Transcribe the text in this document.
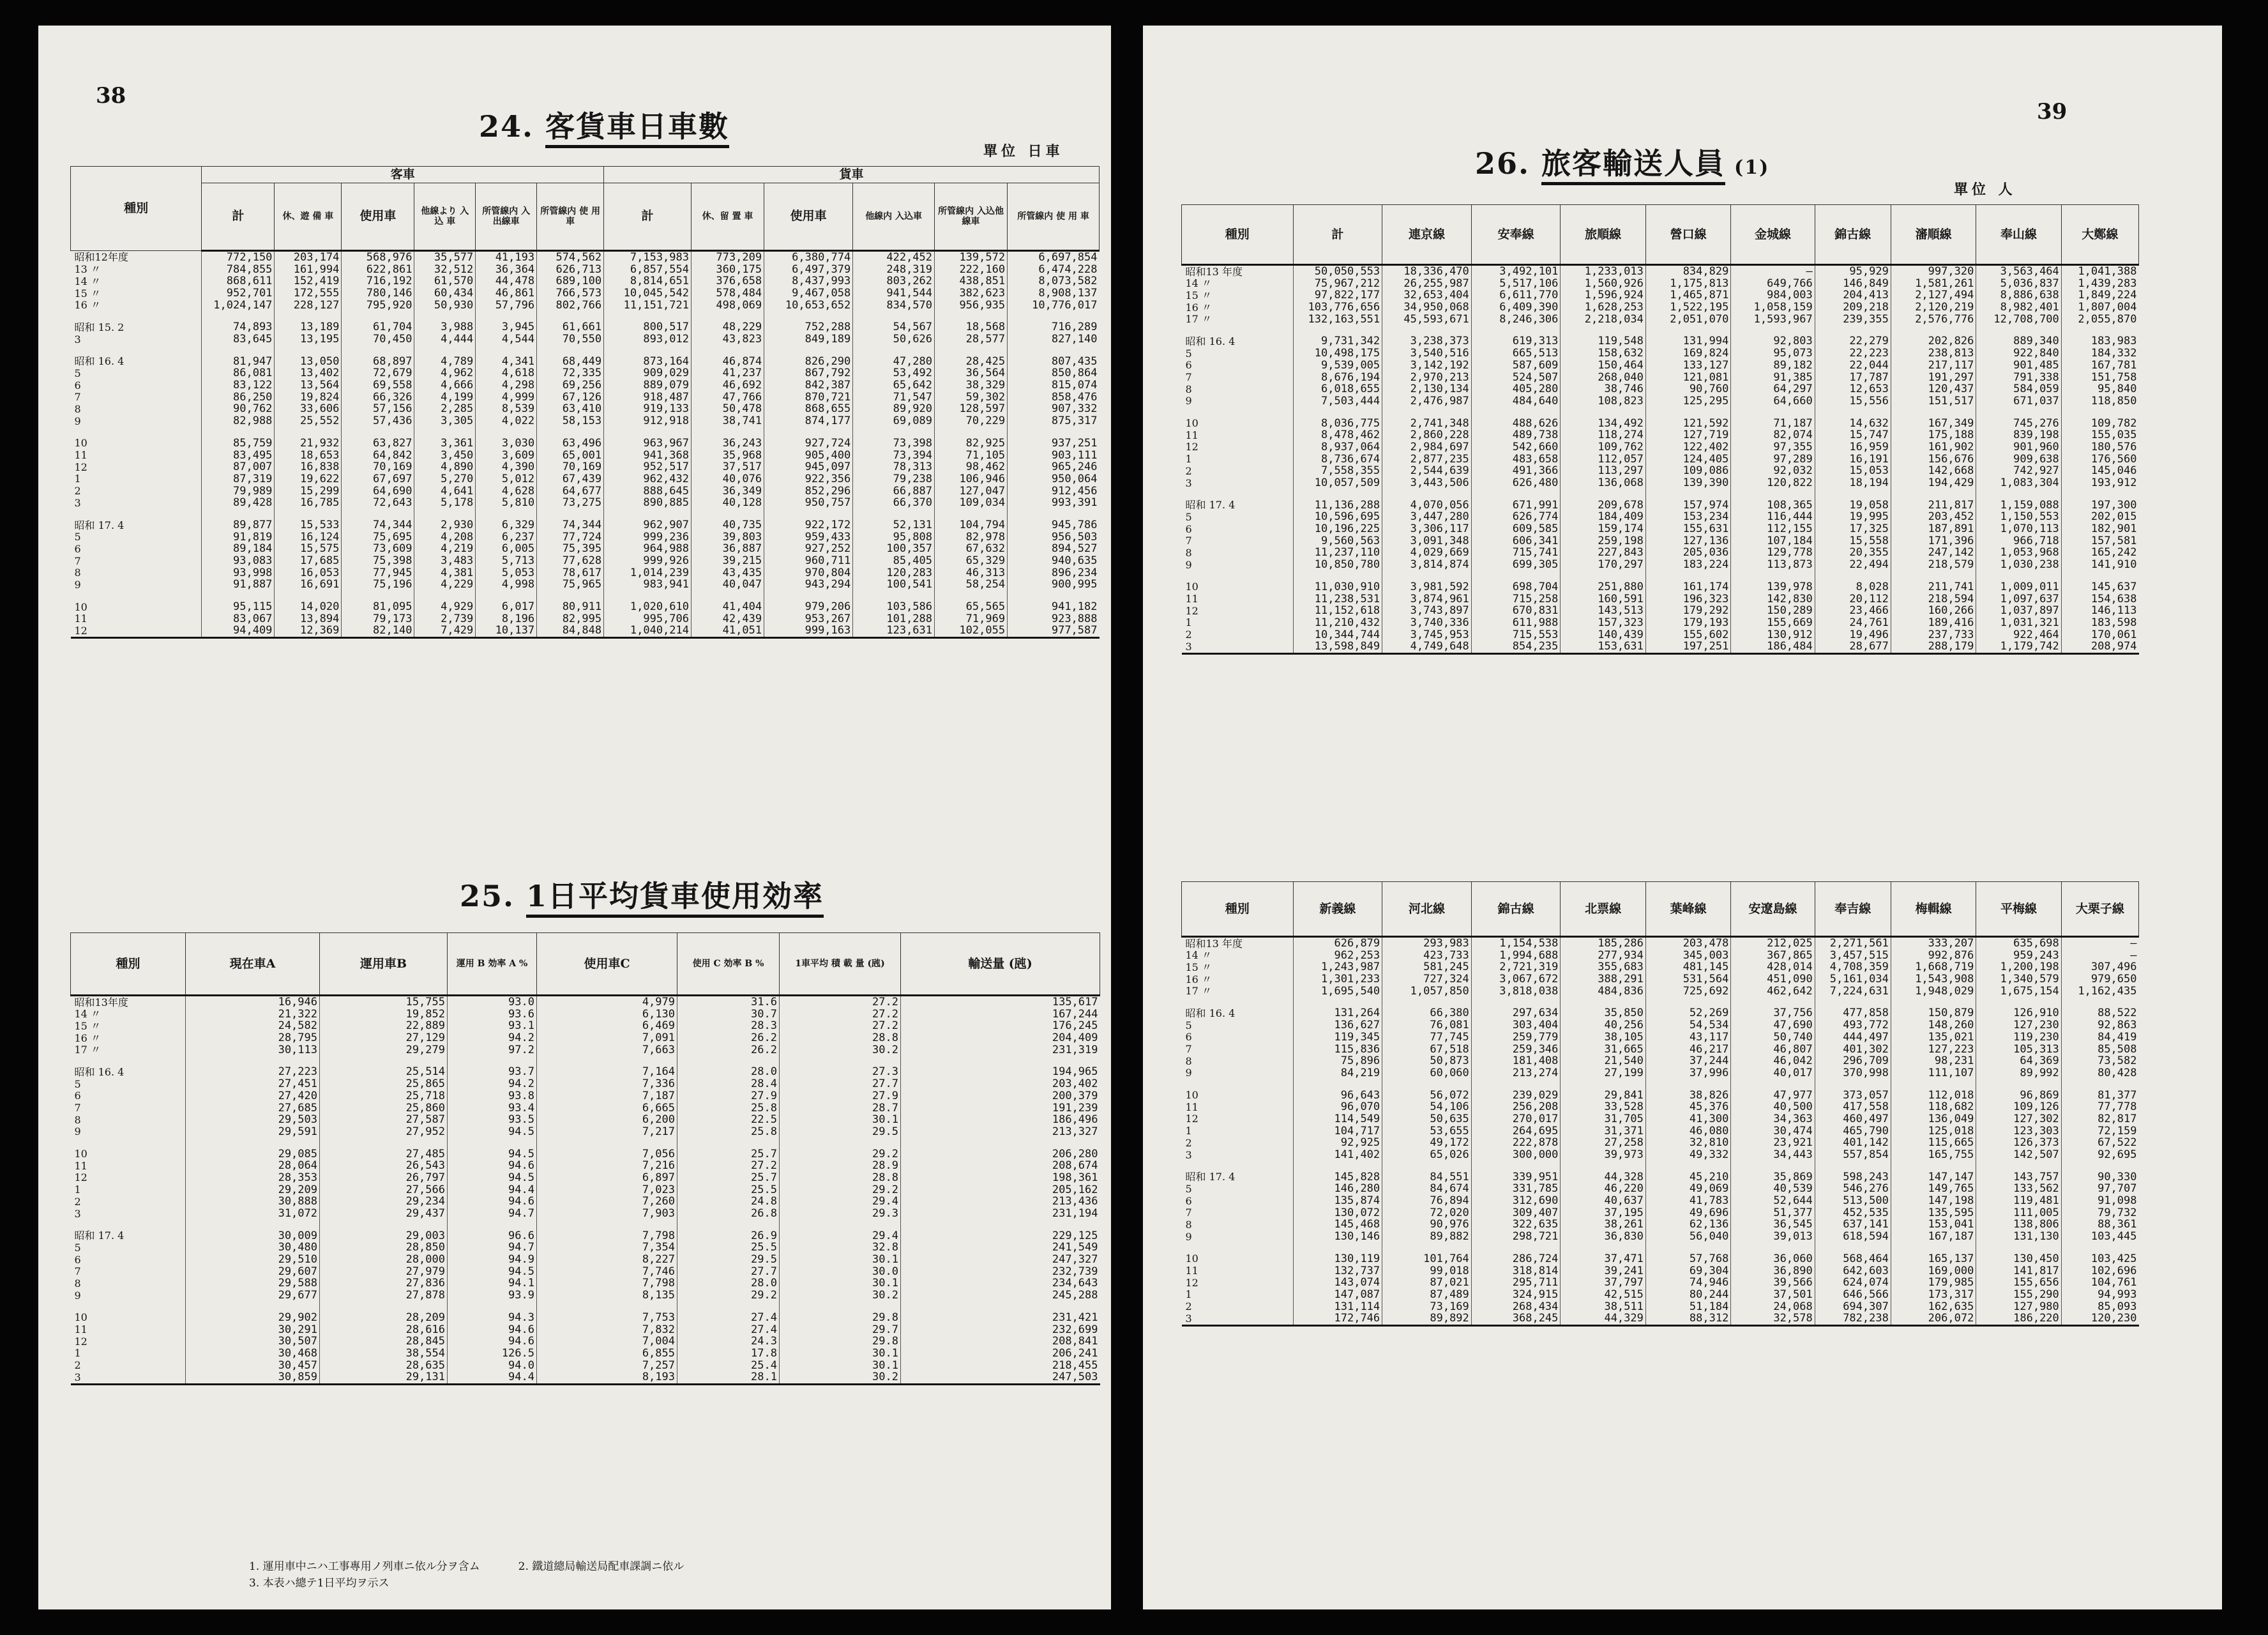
38
24. 客貨車日車數
單位 日車
種別	客車						貨車					
	計	休、遊 備 車	使用車	他線より 入 込 車	所管線内 入 出線車	所管線内 使 用 車	計	休、留 置 車	使用車	他線内 入込車	所管線内 入込他線車	所管線内 使 用 車
昭和12年度	772,150	203,174	568,976	35,577	41,193	574,562	7,153,983	773,209	6,380,774	422,452	139,572	6,697,854
13 〃	784,855	161,994	622,861	32,512	36,364	626,713	6,857,554	360,175	6,497,379	248,319	222,160	6,474,228
14 〃	868,611	152,419	716,192	61,570	44,478	689,100	8,814,651	376,658	8,437,993	803,262	438,851	8,073,582
15 〃	952,701	172,555	780,146	60,434	46,861	766,573	10,045,542	578,484	9,467,058	941,544	382,623	8,908,137
16 〃	1,024,147	228,127	795,920	50,930	57,796	802,766	11,151,721	498,069	10,653,652	834,570	956,935	10,776,017
昭和 15. 2	74,893	13,189	61,704	3,988	3,945	61,661	800,517	48,229	752,288	54,567	18,568	716,289
3	83,645	13,195	70,450	4,444	4,544	70,550	893,012	43,823	849,189	50,626	28,577	827,140
昭和 16. 4	81,947	13,050	68,897	4,789	4,341	68,449	873,164	46,874	826,290	47,280	28,425	807,435
5	86,081	13,402	72,679	4,962	4,618	72,335	909,029	41,237	867,792	53,492	36,564	850,864
6	83,122	13,564	69,558	4,666	4,298	69,256	889,079	46,692	842,387	65,642	38,329	815,074
7	86,250	19,824	66,326	4,199	4,999	67,126	918,487	47,766	870,721	71,547	59,302	858,476
8	90,762	33,606	57,156	2,285	8,539	63,410	919,133	50,478	868,655	89,920	128,597	907,332
9	82,988	25,552	57,436	3,305	4,022	58,153	912,918	38,741	874,177	69,089	70,229	875,317
10	85,759	21,932	63,827	3,361	3,030	63,496	963,967	36,243	927,724	73,398	82,925	937,251
11	83,495	18,653	64,842	3,450	3,609	65,001	941,368	35,968	905,400	73,394	71,105	903,111
12	87,007	16,838	70,169	4,890	4,390	70,169	952,517	37,517	945,097	78,313	98,462	965,246
1	87,319	19,622	67,697	5,270	5,012	67,439	962,432	40,076	922,356	79,238	106,946	950,064
2	79,989	15,299	64,690	4,641	4,628	64,677	888,645	36,349	852,296	66,887	127,047	912,456
3	89,428	16,785	72,643	5,178	5,810	73,275	890,885	40,128	950,757	66,370	109,034	993,391
昭和 17. 4	89,877	15,533	74,344	2,930	6,329	74,344	962,907	40,735	922,172	52,131	104,794	945,786
5	91,819	16,124	75,695	4,208	6,237	77,724	999,236	39,803	959,433	95,808	82,978	956,503
6	89,184	15,575	73,609	4,219	6,005	75,395	964,988	36,887	927,252	100,357	67,632	894,527
7	93,083	17,685	75,398	3,483	5,713	77,628	999,926	39,215	960,711	85,405	65,329	940,635
8	93,998	16,053	77,945	4,381	5,053	78,617	1,014,239	43,435	970,804	120,283	46,313	896,234
9	91,887	16,691	75,196	4,229	4,998	75,965	983,941	40,047	943,294	100,541	58,254	900,995
10	95,115	14,020	81,095	4,929	6,017	80,911	1,020,610	41,404	979,206	103,586	65,565	941,182
11	83,067	13,894	79,173	2,739	8,196	82,995	995,706	42,439	953,267	101,288	71,969	923,888
12	94,409	12,369	82,140	7,429	10,137	84,848	1,040,214	41,051	999,163	123,631	102,055	977,587
25. 1日平均貨車使用効率
種別	現在車A	運用車B	運用 B 効率 A %	使用車C	使用 C 効率 B %	1車平均 積 載 量 (瓲)	輸送量 (瓲)
昭和13年度	16,946	15,755	93.0	4,979	31.6	27.2	135,617
14 〃	21,322	19,852	93.6	6,130	30.7	27.2	167,244
15 〃	24,582	22,889	93.1	6,469	28.3	27.2	176,245
16 〃	28,795	27,129	94.2	7,091	26.2	28.8	204,409
17 〃	30,113	29,279	97.2	7,663	26.2	30.2	231,319
昭和 16. 4	27,223	25,514	93.7	7,164	28.0	27.3	194,965
5	27,451	25,865	94.2	7,336	28.4	27.7	203,402
6	27,420	25,718	93.8	7,187	27.9	27.9	200,379
7	27,685	25,860	93.4	6,665	25.8	28.7	191,239
8	29,503	27,587	93.5	6,200	22.5	30.1	186,496
9	29,591	27,952	94.5	7,217	25.8	29.5	213,327
10	29,085	27,485	94.5	7,056	25.7	29.2	206,280
11	28,064	26,543	94.6	7,216	27.2	28.9	208,674
12	28,353	26,797	94.5	6,897	25.7	28.8	198,361
1	29,209	27,566	94.4	7,023	25.5	29.2	205,162
2	30,888	29,234	94.6	7,260	24.8	29.4	213,436
3	31,072	29,437	94.7	7,903	26.8	29.3	231,194
昭和 17. 4	30,009	29,003	96.6	7,798	26.9	29.4	229,125
5	30,480	28,850	94.7	7,354	25.5	32.8	241,549
6	29,510	28,000	94.9	8,227	29.5	30.1	247,327
7	29,607	27,979	94.5	7,746	27.7	30.0	232,739
8	29,588	27,836	94.1	7,798	28.0	30.1	234,643
9	29,677	27,878	93.9	8,135	29.2	30.2	245,288
10	29,902	28,209	94.3	7,753	27.4	29.8	231,421
11	30,291	28,616	94.6	7,832	27.4	29.7	232,699
12	30,507	28,845	94.6	7,004	24.3	29.8	208,841
1	30,468	38,554	126.5	6,855	17.8	30.1	206,241
2	30,457	28,635	94.0	7,257	25.4	30.1	218,455
3	30,859	29,131	94.4	8,193	28.1	30.2	247,503
1. 運用車中ニハ工事專用ノ列車ニ依ル分ヲ含ム	2. 鐵道總局輸送局配車課調ニ依ル
3. 本表ハ總テ1日平均ヲ示ス
39
26. 旅客輸送人員 (1)
單位 人
種別	計	連京線	安奉線	旅順線	營口線	金城線	錦古線	瀋順線	奉山線	大鄭線
昭和13 年度	50,050,553	18,336,470	3,492,101	1,233,013	834,829	—	95,929	997,320	3,563,464	1,041,388
14 〃	75,967,212	26,255,987	5,517,106	1,560,926	1,175,813	649,766	146,849	1,581,261	5,036,837	1,439,283
15 〃	97,822,177	32,653,404	6,611,770	1,596,924	1,465,871	984,003	204,413	2,127,494	8,886,638	1,849,224
16 〃	103,776,656	34,950,068	6,409,390	1,628,253	1,522,195	1,058,159	209,218	2,120,219	8,982,401	1,807,004
17 〃	132,163,551	45,593,671	8,246,306	2,218,034	2,051,070	1,593,967	239,355	2,576,776	12,708,700	2,055,870
昭和 16. 4	9,731,342	3,238,373	619,313	119,548	131,994	92,803	22,279	202,826	889,340	183,983
5	10,498,175	3,540,516	665,513	158,632	169,824	95,073	22,223	238,813	922,840	184,332
6	9,539,005	3,142,192	587,609	150,464	133,127	89,182	22,044	217,117	901,485	167,781
7	8,676,194	2,970,213	524,507	268,040	121,081	91,385	17,787	191,297	791,338	151,758
8	6,018,655	2,130,134	405,280	38,746	90,760	64,297	12,653	120,437	584,059	95,840
9	7,503,444	2,476,987	484,640	108,823	125,295	64,660	15,556	151,517	671,037	118,850
10	8,036,775	2,741,348	488,626	134,492	121,592	71,187	14,632	167,349	745,276	109,782
11	8,478,462	2,860,228	489,738	118,274	127,719	82,074	15,747	175,188	839,198	155,035
12	8,937,064	2,984,697	542,660	109,762	122,402	97,355	16,959	161,902	901,960	180,576
1	8,736,674	2,877,235	483,658	112,057	124,405	97,289	16,191	156,676	909,638	176,560
2	7,558,355	2,544,639	491,366	113,297	109,086	92,032	15,053	142,668	742,927	145,046
3	10,057,509	3,443,506	626,480	136,068	139,390	120,822	18,194	194,429	1,083,304	193,912
昭和 17. 4	11,136,288	4,070,056	671,991	209,678	157,974	108,365	19,058	211,817	1,159,088	197,300
5	10,596,695	3,447,280	626,774	184,409	153,234	116,444	19,995	203,452	1,150,553	202,015
6	10,196,225	3,306,117	609,585	159,174	155,631	112,155	17,325	187,891	1,070,113	182,901
7	9,560,563	3,091,348	606,341	259,198	127,136	107,184	15,558	171,396	966,718	157,581
8	11,237,110	4,029,669	715,741	227,843	205,036	129,778	20,355	247,142	1,053,968	165,242
9	10,850,780	3,814,874	699,305	170,297	183,224	113,873	22,494	218,579	1,030,238	141,910
10	11,030,910	3,981,592	698,704	251,880	161,174	139,978	8,028	211,741	1,009,011	145,637
11	11,238,531	3,874,961	715,258	160,591	196,323	142,830	20,112	218,594	1,097,637	154,638
12	11,152,618	3,743,897	670,831	143,513	179,292	150,289	23,466	160,266	1,037,897	146,113
1	11,210,432	3,740,336	611,988	157,323	179,193	155,669	24,761	189,416	1,031,321	183,598
2	10,344,744	3,745,953	715,553	140,439	155,602	130,912	19,496	237,733	922,464	170,061
3	13,598,849	4,749,648	854,235	153,631	197,251	186,484	28,677	288,179	1,179,742	208,974
種別	新義線	河北線	錦古線	北票線	葉峰線	安遼島線	奉吉線	梅輯線	平梅線	大栗子線
昭和13 年度	626,879	293,983	1,154,538	185,286	203,478	212,025	2,271,561	333,207	635,698	—
14 〃	962,253	423,733	1,994,688	277,934	345,003	367,865	3,457,515	992,876	959,243	—
15 〃	1,243,987	581,245	2,721,319	355,683	481,145	428,014	4,708,359	1,668,719	1,200,198	307,496
16 〃	1,301,233	727,324	3,067,672	388,291	531,564	451,090	5,161,034	1,543,908	1,340,579	979,650
17 〃	1,695,540	1,057,850	3,818,038	484,836	725,692	462,642	7,224,631	1,948,029	1,675,154	1,162,435
昭和 16. 4	131,264	66,380	297,634	35,850	52,269	37,756	477,858	150,879	126,910	88,522
5	136,627	76,081	303,404	40,256	54,534	47,690	493,772	148,260	127,230	92,863
6	119,345	77,745	259,779	38,105	43,117	50,740	444,497	135,021	119,230	84,419
7	115,836	67,518	259,346	31,665	46,217	46,807	401,302	127,223	105,313	85,508
8	75,896	50,873	181,408	21,540	37,244	46,042	296,709	98,231	64,369	73,582
9	84,219	60,060	213,274	27,199	37,996	40,017	370,998	111,107	89,992	80,428
10	96,643	56,072	239,029	29,841	38,826	47,977	373,057	112,018	96,869	81,377
11	96,070	54,106	256,208	33,528	45,376	40,500	417,558	118,682	109,126	77,778
12	114,549	50,635	270,017	31,705	41,300	34,363	460,497	136,049	127,302	82,817
1	104,717	53,655	264,695	31,371	46,080	30,474	465,790	125,018	123,303	72,159
2	92,925	49,172	222,878	27,258	32,810	23,921	401,142	115,665	126,373	67,522
3	141,402	65,026	300,000	39,973	49,332	34,443	557,854	165,755	142,507	92,695
昭和 17. 4	145,828	84,551	339,951	44,328	45,210	35,869	598,243	147,147	143,757	90,330
5	146,280	84,674	331,785	46,220	49,069	40,539	546,276	149,765	133,562	97,707
6	135,874	76,894	312,690	40,637	41,783	52,644	513,500	147,198	119,481	91,098
7	130,072	72,020	309,407	37,195	49,696	51,377	452,535	135,595	111,005	79,732
8	145,468	90,976	322,635	38,261	62,136	36,545	637,141	153,041	138,806	88,361
9	130,146	89,882	298,721	36,830	56,040	39,013	618,594	167,187	131,130	103,445
10	130,119	101,764	286,724	37,471	57,768	36,060	568,464	165,137	130,450	103,425
11	132,737	99,018	318,814	39,241	69,304	36,890	642,603	169,000	141,817	102,696
12	143,074	87,021	295,711	37,797	74,946	39,566	624,074	179,985	155,656	104,761
1	147,087	87,489	324,915	42,515	80,244	37,501	646,566	173,317	155,290	94,993
2	131,114	73,169	268,434	38,511	51,184	24,068	694,307	162,635	127,980	85,093
3	172,746	89,892	368,245	44,329	88,312	32,578	782,238	206,072	186,220	120,230
